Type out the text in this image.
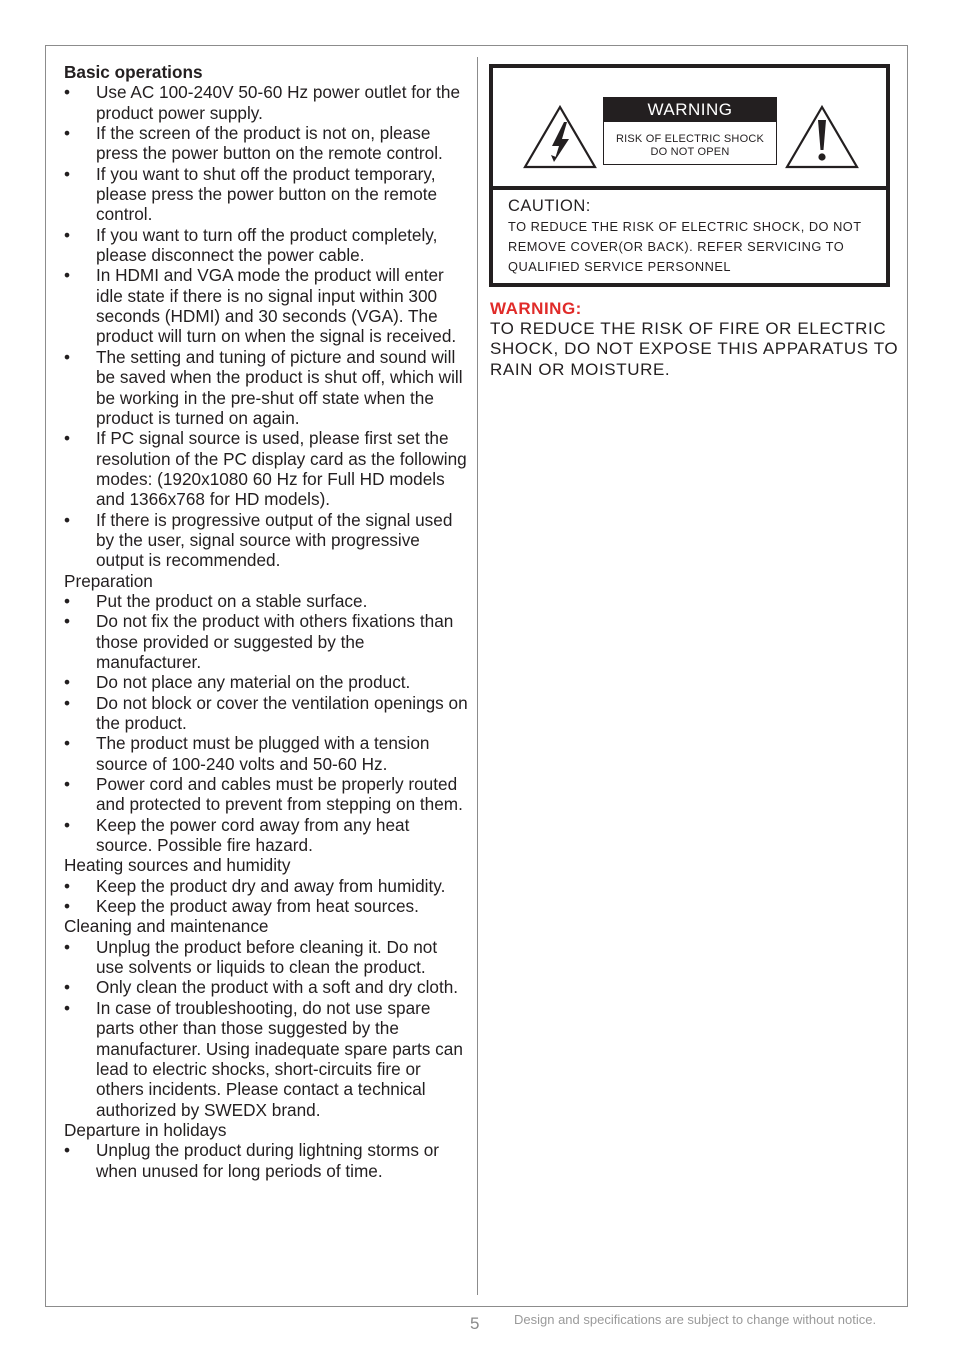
Basic operations
• Use AC 100-240V 50-60 Hz power outlet for the product power supply.
• If the screen of the product is not on, please press the power button on the remote control.
• If you want to shut off the product temporary, please press the power button on the remote control.
• If you want to turn off the product completely, please disconnect the power cable.
• In HDMI and VGA mode the product will enter idle state if there is no signal input within 300 seconds (HDMI) and 30 seconds (VGA). The product will turn on when the signal is received.
• The setting and tuning of picture and sound will be saved when the product is shut off, which will be working in the pre-shut off state when the product is turned on again.
• If PC signal source is used, please first set the resolution of the PC display card as the following modes: (1920x1080 60 Hz for Full HD models and 1366x768 for HD models).
• If there is progressive output of the signal used by the user, signal source with progressive output is recommended.
Preparation
• Put the product on a stable surface.
• Do not fix the product with others fixations than those provided or suggested by the manufacturer.
• Do not place any material on the product.
• Do not block or cover the ventilation openings on the product.
• The product must be plugged with a tension source of 100-240 volts and 50-60 Hz.
• Power cord and cables must be properly routed and protected to prevent from stepping on them.
• Keep the power cord away from any heat source. Possible fire hazard.
Heating sources and humidity
• Keep the product dry and away from humidity.
• Keep the product away from heat sources.
Cleaning and maintenance
• Unplug the product before cleaning it. Do not use solvents or liquids to clean the product.
• Only clean the product with a soft and dry cloth.
• In case of troubleshooting, do not use spare parts other than those suggested by the manufacturer. Using inadequate spare parts can lead to electric shocks, short-circuits fire or others incidents. Please contact a technical authorized by SWEDX brand.
Departure in holidays
• Unplug the product during lightning storms or when unused for long periods of time.
WARNING
RISK OF ELECTRIC SHOCK
DO NOT OPEN
CAUTION:
TO REDUCE THE RISK OF ELECTRIC SHOCK, DO NOT REMOVE COVER(OR BACK). REFER SERVICING TO QUALIFIED SERVICE PERSONNEL
WARNING:
TO REDUCE THE RISK OF FIRE OR ELECTRIC SHOCK, DO NOT EXPOSE THIS APPARATUS TO RAIN OR MOISTURE.
5	Design and specifications are subject to change without notice.
